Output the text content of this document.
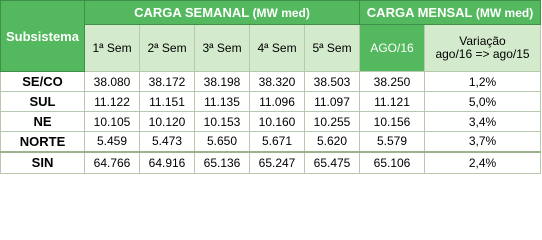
Subsistema	CARGA SEMANAL (MW med)					CARGA MENSAL (MW med)	
	1ª Sem	2ª Sem	3ª Sem	4ª Sem	5ª Sem	AGO/16	Variação
ago/16 => ago/15

SE/CO	38.080	38.172	38.198	38.320	38.503	38.250	1,2%
SUL	11.122	11.151	11.135	11.096	11.097	11.121	5,0%
NE	10.105	10.120	10.153	10.160	10.255	10.156	3,4%
NORTE	5.459	5.473	5.650	5.671	5.620	5.579	3,7%
SIN	64.766	64.916	65.136	65.247	65.475	65.106	2,4%
